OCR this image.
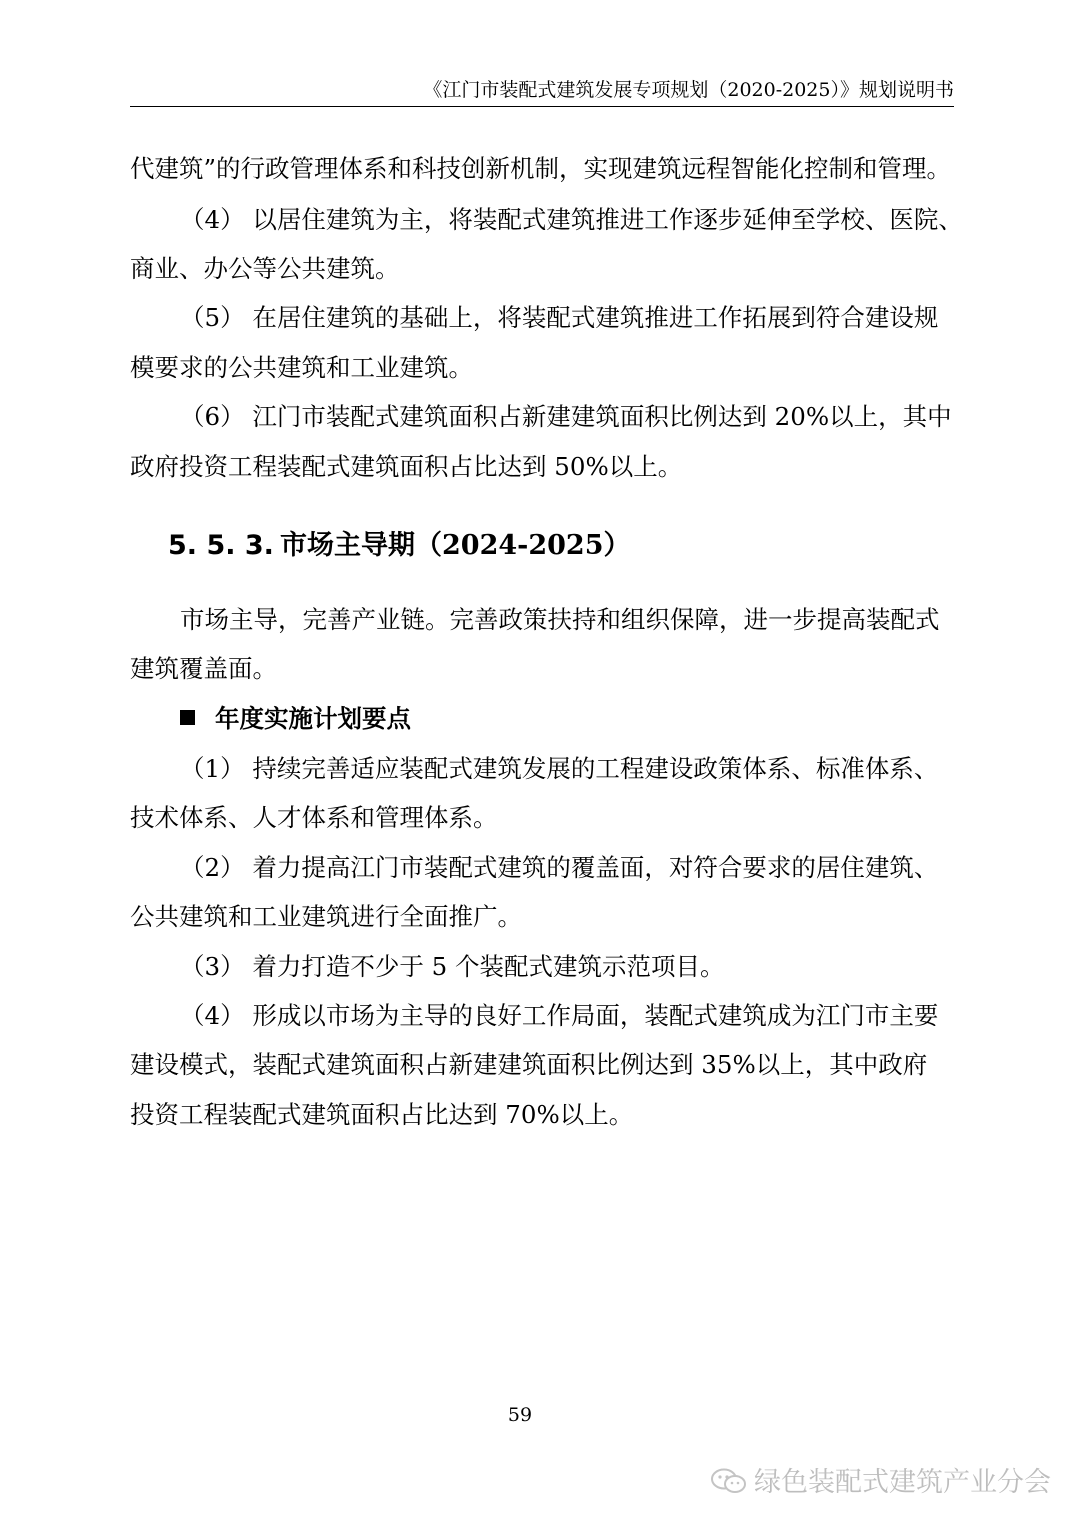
《江门市装配式建筑发展专项规划（2020-2025）》规划说明书
代建筑”的行政管理体系和科技创新机制，实现建筑远程智能化控制和管理。
（4） 以居住建筑为主，将装配式建筑推进工作逐步延伸至学校、医院、
商业、办公等公共建筑。
（5） 在居住建筑的基础上，将装配式建筑推进工作拓展到符合建设规
模要求的公共建筑和工业建筑。
（6） 江门市装配式建筑面积占新建建筑面积比例达到 20%以上，其中
政府投资工程装配式建筑面积占比达到 50%以上。
5. 5. 3. 市场主导期（2024-2025）
市场主导，完善产业链。完善政策扶持和组织保障，进一步提高装配式
建筑覆盖面。
年度实施计划要点
（1） 持续完善适应装配式建筑发展的工程建设政策体系、标准体系、
技术体系、人才体系和管理体系。
（2） 着力提高江门市装配式建筑的覆盖面，对符合要求的居住建筑、
公共建筑和工业建筑进行全面推广。
（3） 着力打造不少于 5 个装配式建筑示范项目。
（4） 形成以市场为主导的良好工作局面，装配式建筑成为江门市主要
建设模式，装配式建筑面积占新建建筑面积比例达到 35%以上，其中政府
投资工程装配式建筑面积占比达到 70%以上。
59
绿色装配式建筑产业分会
